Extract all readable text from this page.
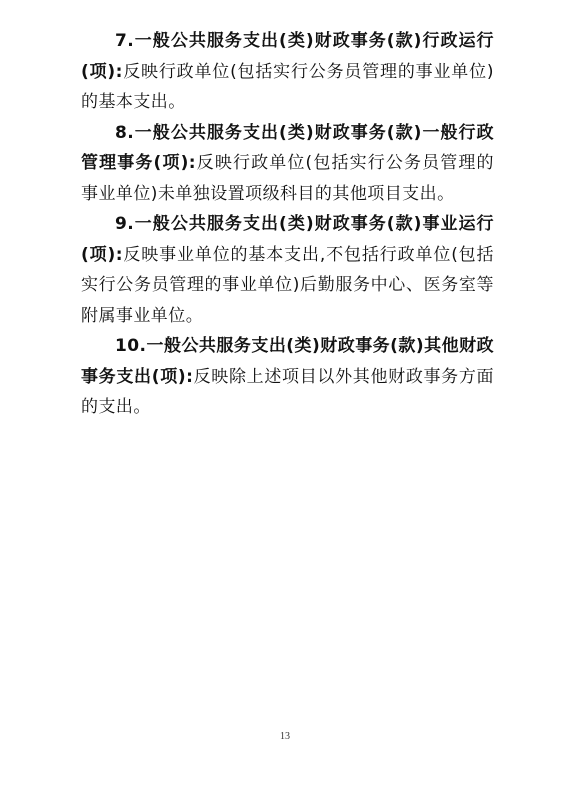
7.一般公共服务支出(类)财政事务(款)行政运行(项):反映行政单位(包括实行公务员管理的事业单位)的基本支出。

8.一般公共服务支出(类)财政事务(款)一般行政管理事务(项):反映行政单位(包括实行公务员管理的事业单位)未单独设置项级科目的其他项目支出。

9.一般公共服务支出(类)财政事务(款)事业运行(项):反映事业单位的基本支出,不包括行政单位(包括实行公务员管理的事业单位)后勤服务中心、医务室等附属事业单位。

10.一般公共服务支出(类)财政事务(款)其他财政事务支出(项):反映除上述项目以外其他财政事务方面的支出。

13
